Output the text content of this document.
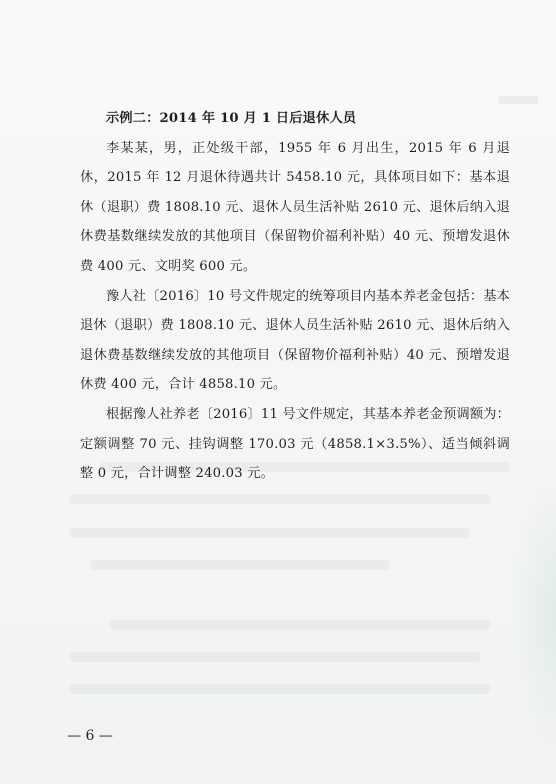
示例二：2014 年 10 月 1 日后退休人员

李某某，男，正处级干部，1955 年 6 月出生，2015 年 6 月退休，2015 年 12 月退休待遇共计 5458.10 元，具体项目如下：基本退休（退职）费 1808.10 元、退休人员生活补贴 2610 元、退休后纳入退休费基数继续发放的其他项目（保留物价福利补贴）40 元、预增发退休费 400 元、文明奖 600 元。

豫人社〔2016〕10 号文件规定的统筹项目内基本养老金包括：基本退休（退职）费 1808.10 元、退休人员生活补贴 2610 元、退休后纳入退休费基数继续发放的其他项目（保留物价福利补贴）40 元、预增发退休费 400 元，合计 4858.10 元。

根据豫人社养老〔2016〕11 号文件规定，其基本养老金预调额为：定额调整 70 元、挂钩调整 170.03 元（4858.1×3.5%）、适当倾斜调整 0 元，合计调整 240.03 元。

— 6 —
